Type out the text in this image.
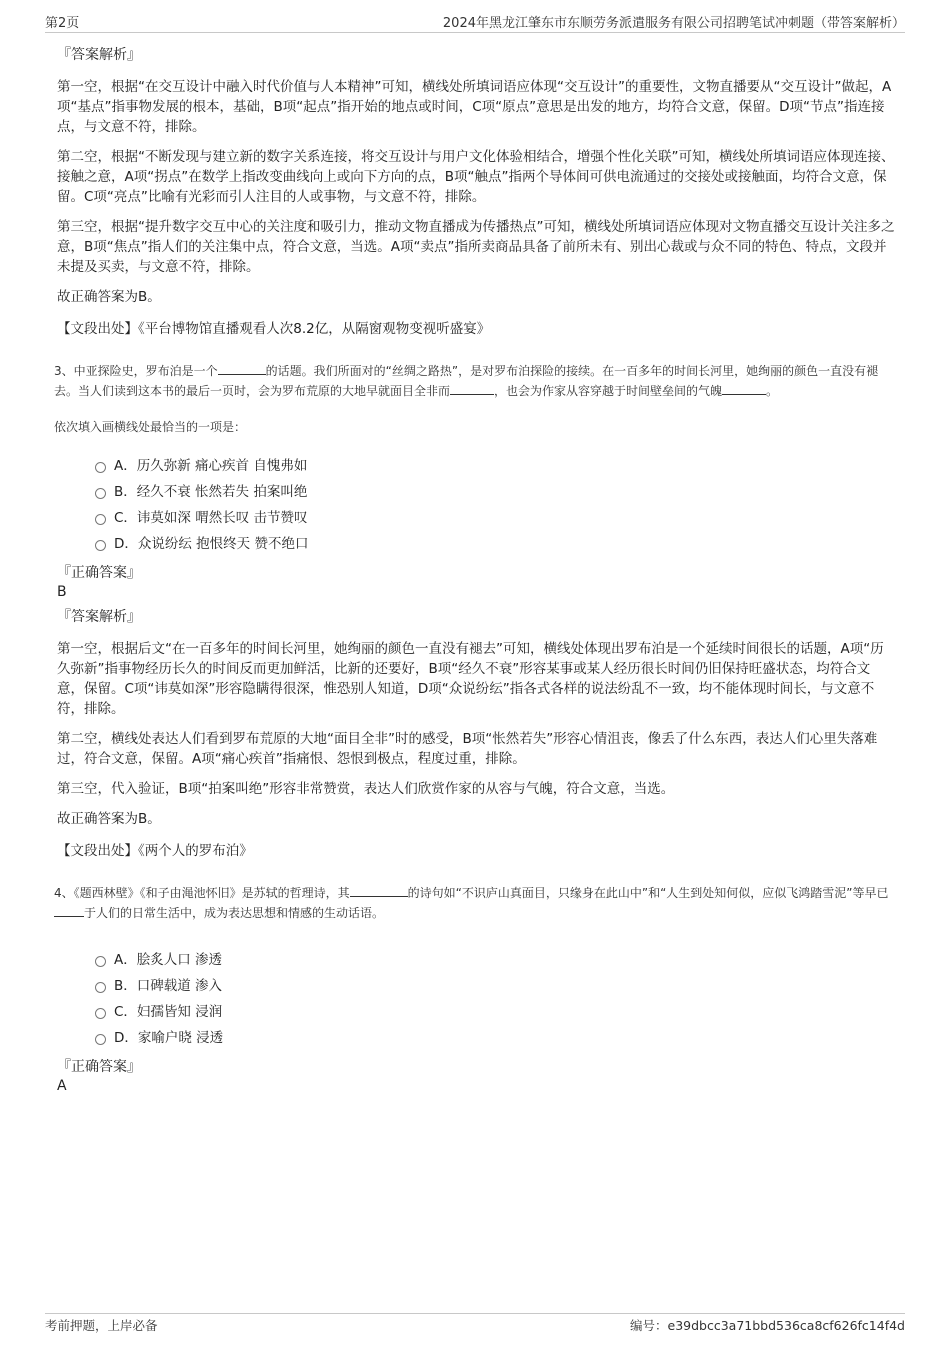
第2页	2024年黑龙江肇东市东顺劳务派遣服务有限公司招聘笔试冲刺题（带答案解析）
『答案解析』

第一空，根据“在交互设计中融入时代价值与人本精神”可知，横线处所填词语应体现“交互设计”的重要性，文物直播要从“交互设计”做起，A项“基点”指事物发展的根本，基础，B项“起点”指开始的地点或时间，C项“原点”意思是出发的地方，均符合文意，保留。D项“节点”指连接点，与文意不符，排除。

第二空，根据“不断发现与建立新的数字关系连接，将交互设计与用户文化体验相结合，增强个性化关联”可知，横线处所填词语应体现连接、接触之意，A项“拐点”在数学上指改变曲线向上或向下方向的点，B项“触点”指两个导体间可供电流通过的交接处或接触面，均符合文意，保留。C项“亮点”比喻有光彩而引人注目的人或事物，与文意不符，排除。

第三空，根据“提升数字交互中心的关注度和吸引力，推动文物直播成为传播热点”可知，横线处所填词语应体现对文物直播交互设计关注多之意，B项“焦点”指人们的关注集中点，符合文意，当选。A项“卖点”指所卖商品具备了前所未有、别出心裁或与众不同的特色、特点，文段并未提及买卖，与文意不符，排除。

故正确答案为B。

【文段出处】《平台博物馆直播观看人次8.2亿，从隔窗观物变视听盛宴》

3、中亚探险史，罗布泊是一个	的话题。我们所面对的“丝绸之路热”，是对罗布泊探险的接续。在一百多年的时间长河里，她绚丽的颜色一直没有褪去。当人们读到这本书的最后一页时，会为罗布荒原的大地早就面目全非而	，也会为作家从容穿越于时间壁垒间的气魄	。
依次填入画横线处最恰当的一项是：
A．历久弥新 痛心疾首 自愧弗如
B．经久不衰 怅然若失 拍案叫绝
C．讳莫如深 喟然长叹 击节赞叹
D．众说纷纭 抱恨终天 赞不绝口
『正确答案』
B
『答案解析』

第一空，根据后文“在一百多年的时间长河里，她绚丽的颜色一直没有褪去”可知，横线处体现出罗布泊是一个延续时间很长的话题，A项“历久弥新”指事物经历长久的时间反而更加鲜活，比新的还要好，B项“经久不衰”形容某事或某人经历很长时间仍旧保持旺盛状态，均符合文意，保留。C项“讳莫如深”形容隐瞒得很深，惟恐别人知道，D项“众说纷纭”指各式各样的说法纷乱不一致，均不能体现时间长，与文意不符，排除。

第二空，横线处表达人们看到罗布荒原的大地“面目全非”时的感受，B项“怅然若失”形容心情沮丧，像丢了什么东西，表达人们心里失落难过，符合文意，保留。A项“痛心疾首”指痛恨、怨恨到极点，程度过重，排除。

第三空，代入验证，B项“拍案叫绝”形容非常赞赏，表达人们欣赏作家的从容与气魄，符合文意，当选。

故正确答案为B。

【文段出处】《两个人的罗布泊》

4、《题西林壁》《和子由渑池怀旧》是苏轼的哲理诗，其	的诗句如“不识庐山真面目，只缘身在此山中”和“人生到处知何似，应似飞鸿踏雪泥”等早已于人们的日常生活中，成为表达思想和情感的生动话语。
A．脍炙人口 渗透
B．口碑载道 渗入
C．妇孺皆知 浸润
D．家喻户晓 浸透
『正确答案』
A
考前押题，上岸必备	编号：e39dbcc3a71bbd536ca8cf626fc14f4d
